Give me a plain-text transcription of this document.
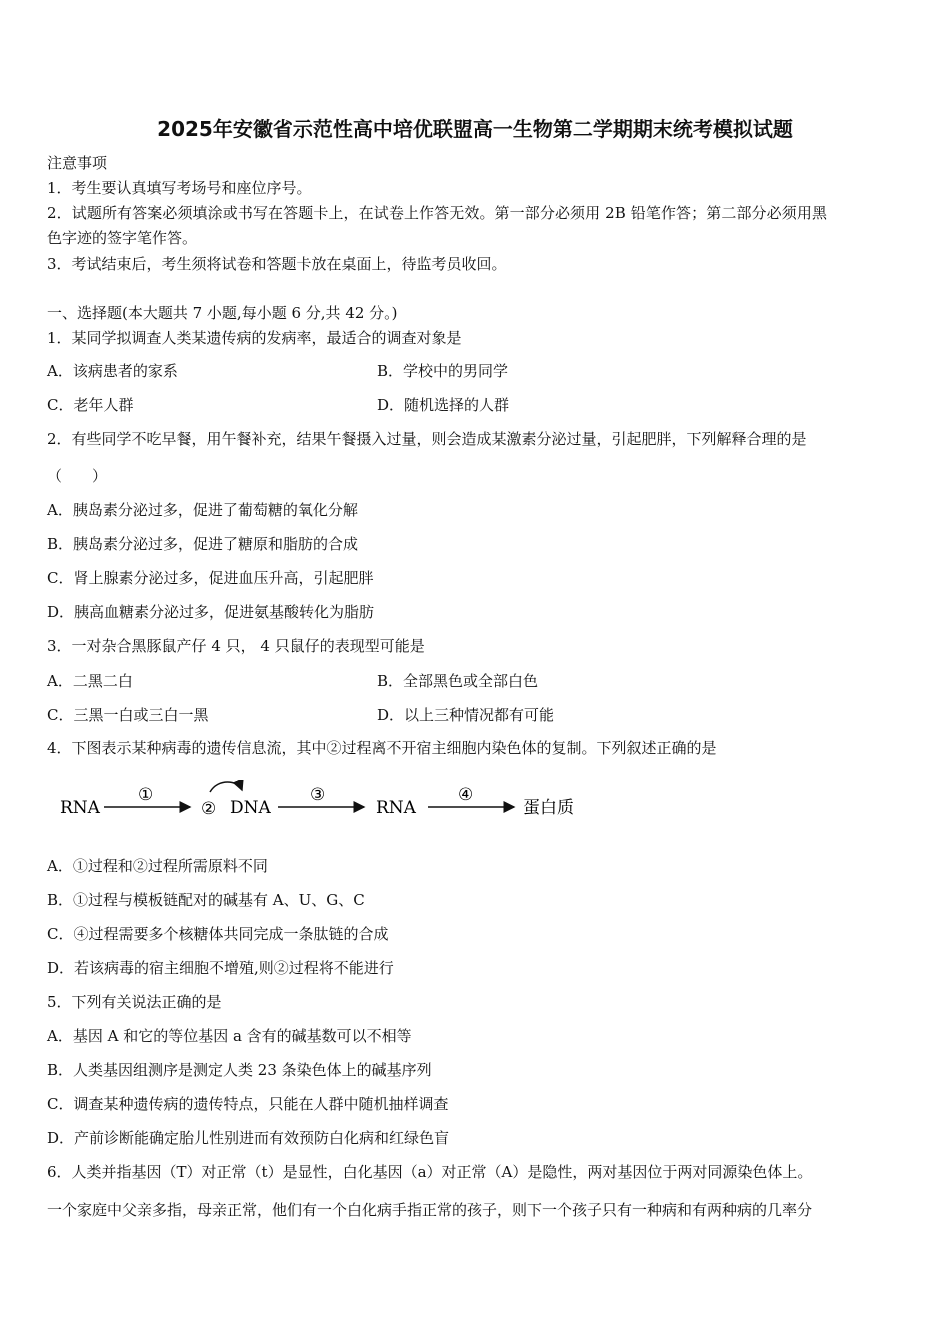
2025年安徽省示范性高中培优联盟高一生物第二学期期末统考模拟试题
注意事项
1．考生要认真填写考场号和座位序号。
2．试题所有答案必须填涂或书写在答题卡上，在试卷上作答无效。第一部分必须用 2B 铅笔作答；第二部分必须用黑
色字迹的签字笔作答。
3．考试结束后，考生须将试卷和答题卡放在桌面上，待监考员收回。
一、选择题(本大题共 7 小题,每小题 6 分,共 42 分。)
1．某同学拟调查人类某遗传病的发病率，最适合的调查对象是
A．该病患者的家系	B．学校中的男同学
C．老年人群	D．随机选择的人群
2．有些同学不吃早餐，用午餐补充，结果午餐摄入过量，则会造成某激素分泌过量，引起肥胖，下列解释合理的是
（　　）
A．胰岛素分泌过多，促进了葡萄糖的氧化分解
B．胰岛素分泌过多，促进了糖原和脂肪的合成
C．肾上腺素分泌过多，促进血压升高，引起肥胖
D．胰高血糖素分泌过多，促进氨基酸转化为脂肪
3．一对杂合黑豚鼠产仔 4 只， 4 只鼠仔的表现型可能是
A．二黑二白	B．全部黑色或全部白色
C．三黑一白或三白一黑	D．以上三种情况都有可能
4．下图表示某种病毒的遗传信息流，其中②过程离不开宿主细胞内染色体的复制。下列叙述正确的是
RNA
①
② DNA
③
RNA
④
蛋白质
A．①过程和②过程所需原料不同
B．①过程与模板链配对的碱基有 A、U、G、C
C．④过程需要多个核糖体共同完成一条肽链的合成
D．若该病毒的宿主细胞不增殖,则②过程将不能进行
5．下列有关说法正确的是
A．基因 A 和它的等位基因 a 含有的碱基数可以不相等
B．人类基因组测序是测定人类 23 条染色体上的碱基序列
C．调查某种遗传病的遗传特点，只能在人群中随机抽样调查
D．产前诊断能确定胎儿性别进而有效预防白化病和红绿色盲
6．人类并指基因（T）对正常（t）是显性，白化基因（a）对正常（A）是隐性，两对基因位于两对同源染色体上。
一个家庭中父亲多指，母亲正常，他们有一个白化病手指正常的孩子，则下一个孩子只有一种病和有两种病的几率分
